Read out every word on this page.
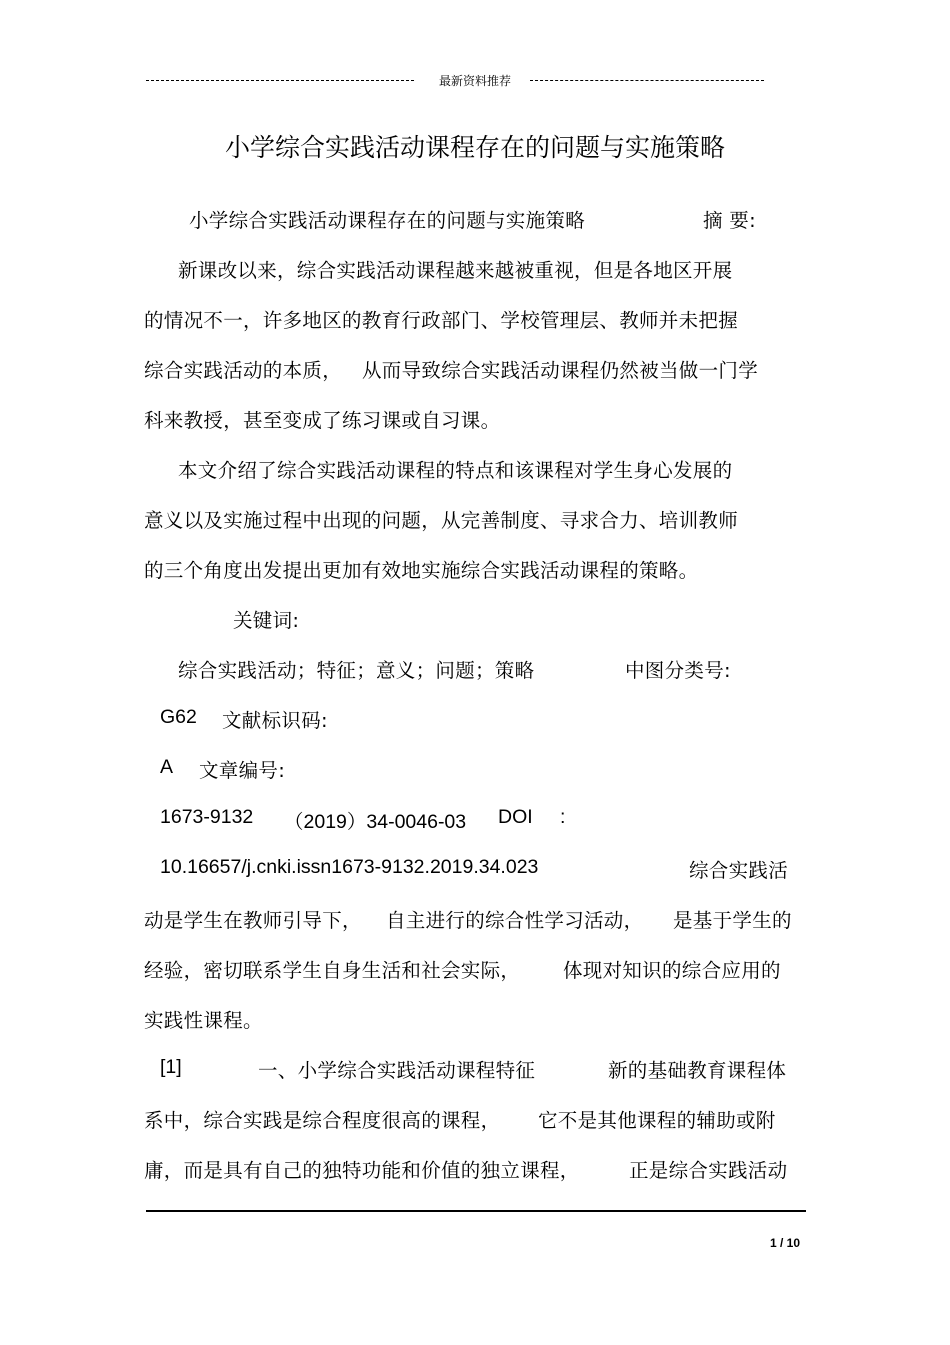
最新资料推荐
小学综合实践活动课程存在的问题与实施策略
小学综合实践活动课程存在的问题与实施策略	摘 要:
新课改以来，综合实践活动课程越来越被重视，但是各地区开展
的情况不一，许多地区的教育行政部门、学校管理层、教师并未把握
综合实践活动的本质， 从而导致综合实践活动课程仍然被当做一门学
科来教授，甚至变成了练习课或自习课。
本文介绍了综合实践活动课程的特点和该课程对学生身心发展的
意义以及实施过程中出现的问题，从完善制度、寻求合力、培训教师
的三个角度出发提出更加有效地实施综合实践活动课程的策略。
关键词:
综合实践活动；特征；意义；问题；策略	中图分类号:
G62 文献标识码:
A 文章编号:
1673-9132 （2019）34-0046-03 DOI :
10.16657/j.cnki.issn1673-9132.2019.34.023	综合实践活
动是学生在教师引导下， 自主进行的综合性学习活动， 是基于学生的
经验，密切联系学生自身生活和社会实际， 体现对知识的综合应用的
实践性课程。
[1]	一、小学综合实践活动课程特征	新的基础教育课程体
系中，综合实践是综合程度很高的课程， 它不是其他课程的辅助或附
庸，而是具有自己的独特功能和价值的独立课程，	正是综合实践活动
1 / 10
